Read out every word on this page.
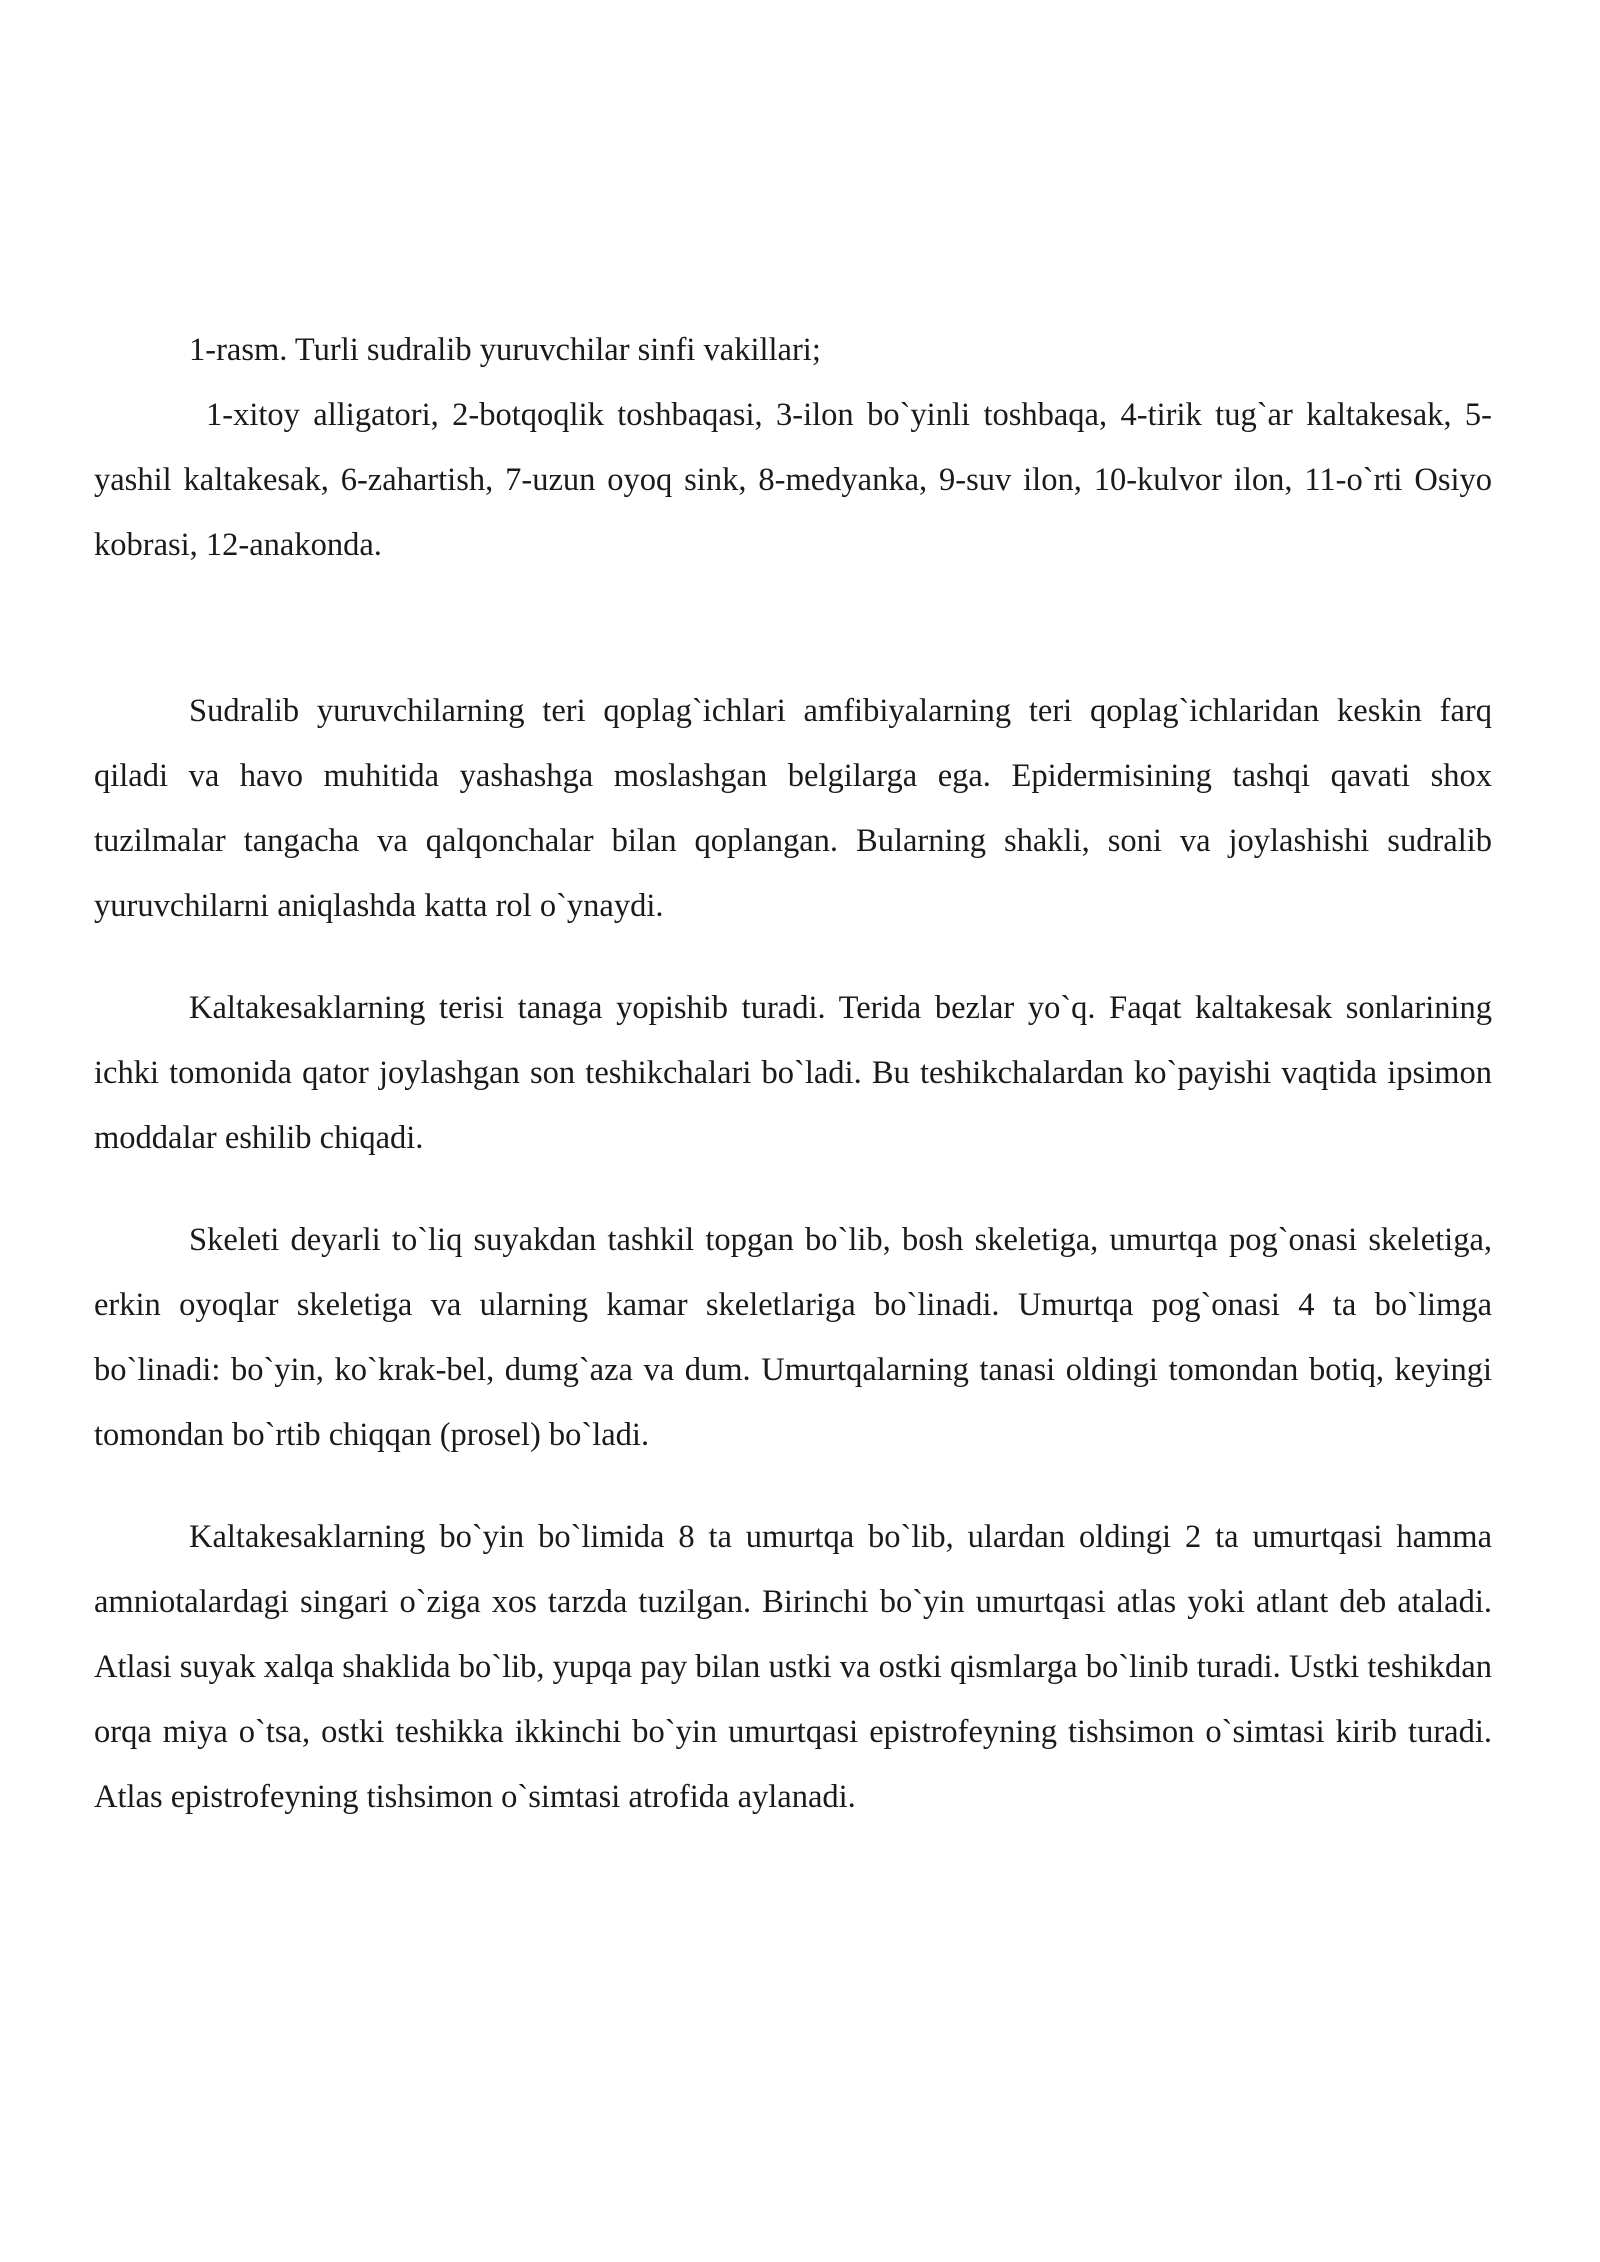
1-rasm. Turli sudralib yuruvchilar sinfi vakillari;

1-xitoy alligatori, 2-botqoqlik toshbaqasi, 3-ilon bo`yinli toshbaqa, 4-tirik tug`ar kaltakesak, 5-yashil kaltakesak, 6-zahartish, 7-uzun oyoq sink, 8-medyanka, 9-suv ilon, 10-kulvor ilon, 11-o`rti Osiyo kobrasi, 12-anakonda.

Sudralib yuruvchilarning teri qoplag`ichlari amfibiyalarning teri qoplag`ichlaridan keskin farq qiladi va havo muhitida yashashga moslashgan belgilarga ega. Epidermisining tashqi qavati shox tuzilmalar tangacha va qalqonchalar bilan qoplangan. Bularning shakli, soni va joylashishi sudralib yuruvchilarni aniqlashda katta rol o`ynaydi.

Kaltakesaklarning terisi tanaga yopishib turadi. Terida bezlar yo`q. Faqat kaltakesak sonlarining ichki tomonida qator joylashgan son teshikchalari bo`ladi. Bu teshikchalardan ko`payishi vaqtida ipsimon moddalar eshilib chiqadi.

Skeleti deyarli to`liq suyakdan tashkil topgan bo`lib, bosh skeletiga, umurtqa pog`onasi skeletiga, erkin oyoqlar skeletiga va ularning kamar skeletlariga bo`linadi. Umurtqa pog`onasi 4 ta bo`limga bo`linadi: bo`yin, ko`krak-bel, dumg`aza va dum. Umurtqalarning tanasi oldingi tomondan botiq, keyingi tomondan bo`rtib chiqqan (prosel) bo`ladi.

Kaltakesaklarning bo`yin bo`limida 8 ta umurtqa bo`lib, ulardan oldingi 2 ta umurtqasi hamma amniotalardagi singari o`ziga xos tarzda tuzilgan. Birinchi bo`yin umurtqasi atlas yoki atlant deb ataladi. Atlasi suyak xalqa shaklida bo`lib, yupqa pay bilan ustki va ostki qismlarga bo`linib turadi. Ustki teshikdan orqa miya o`tsa, ostki teshikka ikkinchi bo`yin umurtqasi epistrofeyning tishsimon o`simtasi kirib turadi. Atlas epistrofeyning tishsimon o`simtasi atrofida aylanadi.
